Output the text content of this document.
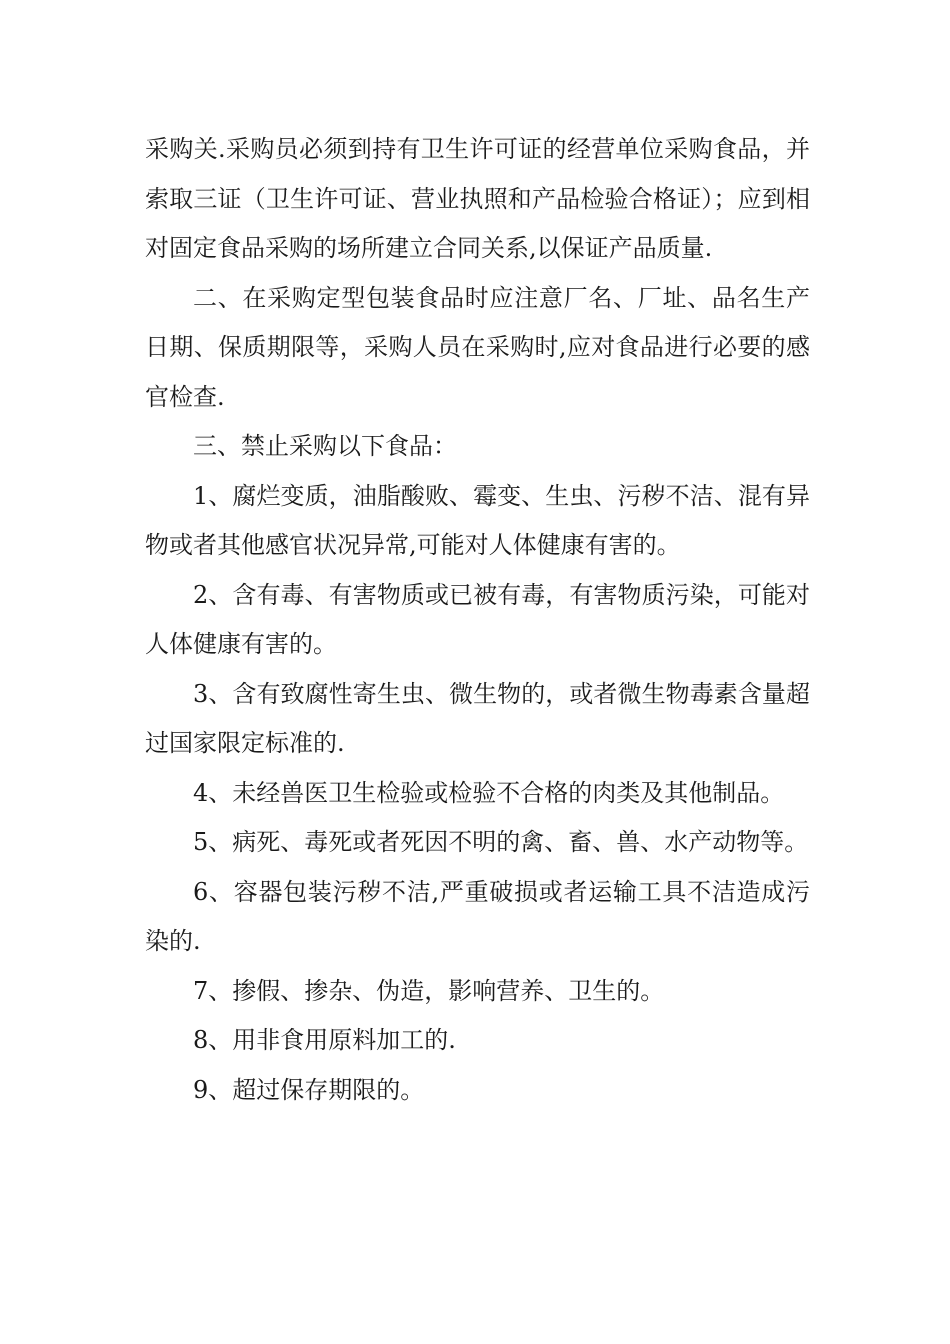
采购关.采购员必须到持有卫生许可证的经营单位采购食品，并索取三证（卫生许可证、营业执照和产品检验合格证）；应到相对固定食品采购的场所建立合同关系,以保证产品质量.

二、在采购定型包装食品时应注意厂名、厂址、品名生产日期、保质期限等，采购人员在采购时,应对食品进行必要的感官检查.

三、禁止采购以下食品：

1、腐烂变质，油脂酸败、霉变、生虫、污秽不洁、混有异物或者其他感官状况异常,可能对人体健康有害的。

2、含有毒、有害物质或已被有毒，有害物质污染，可能对人体健康有害的。

3、含有致腐性寄生虫、微生物的，或者微生物毒素含量超过国家限定标准的.

4、未经兽医卫生检验或检验不合格的肉类及其他制品。

5、病死、毒死或者死因不明的禽、畜、兽、水产动物等。

6、容器包装污秽不洁,严重破损或者运输工具不洁造成污染的.

7、掺假、掺杂、伪造，影响营养、卫生的。

8、用非食用原料加工的.

9、超过保存期限的。
